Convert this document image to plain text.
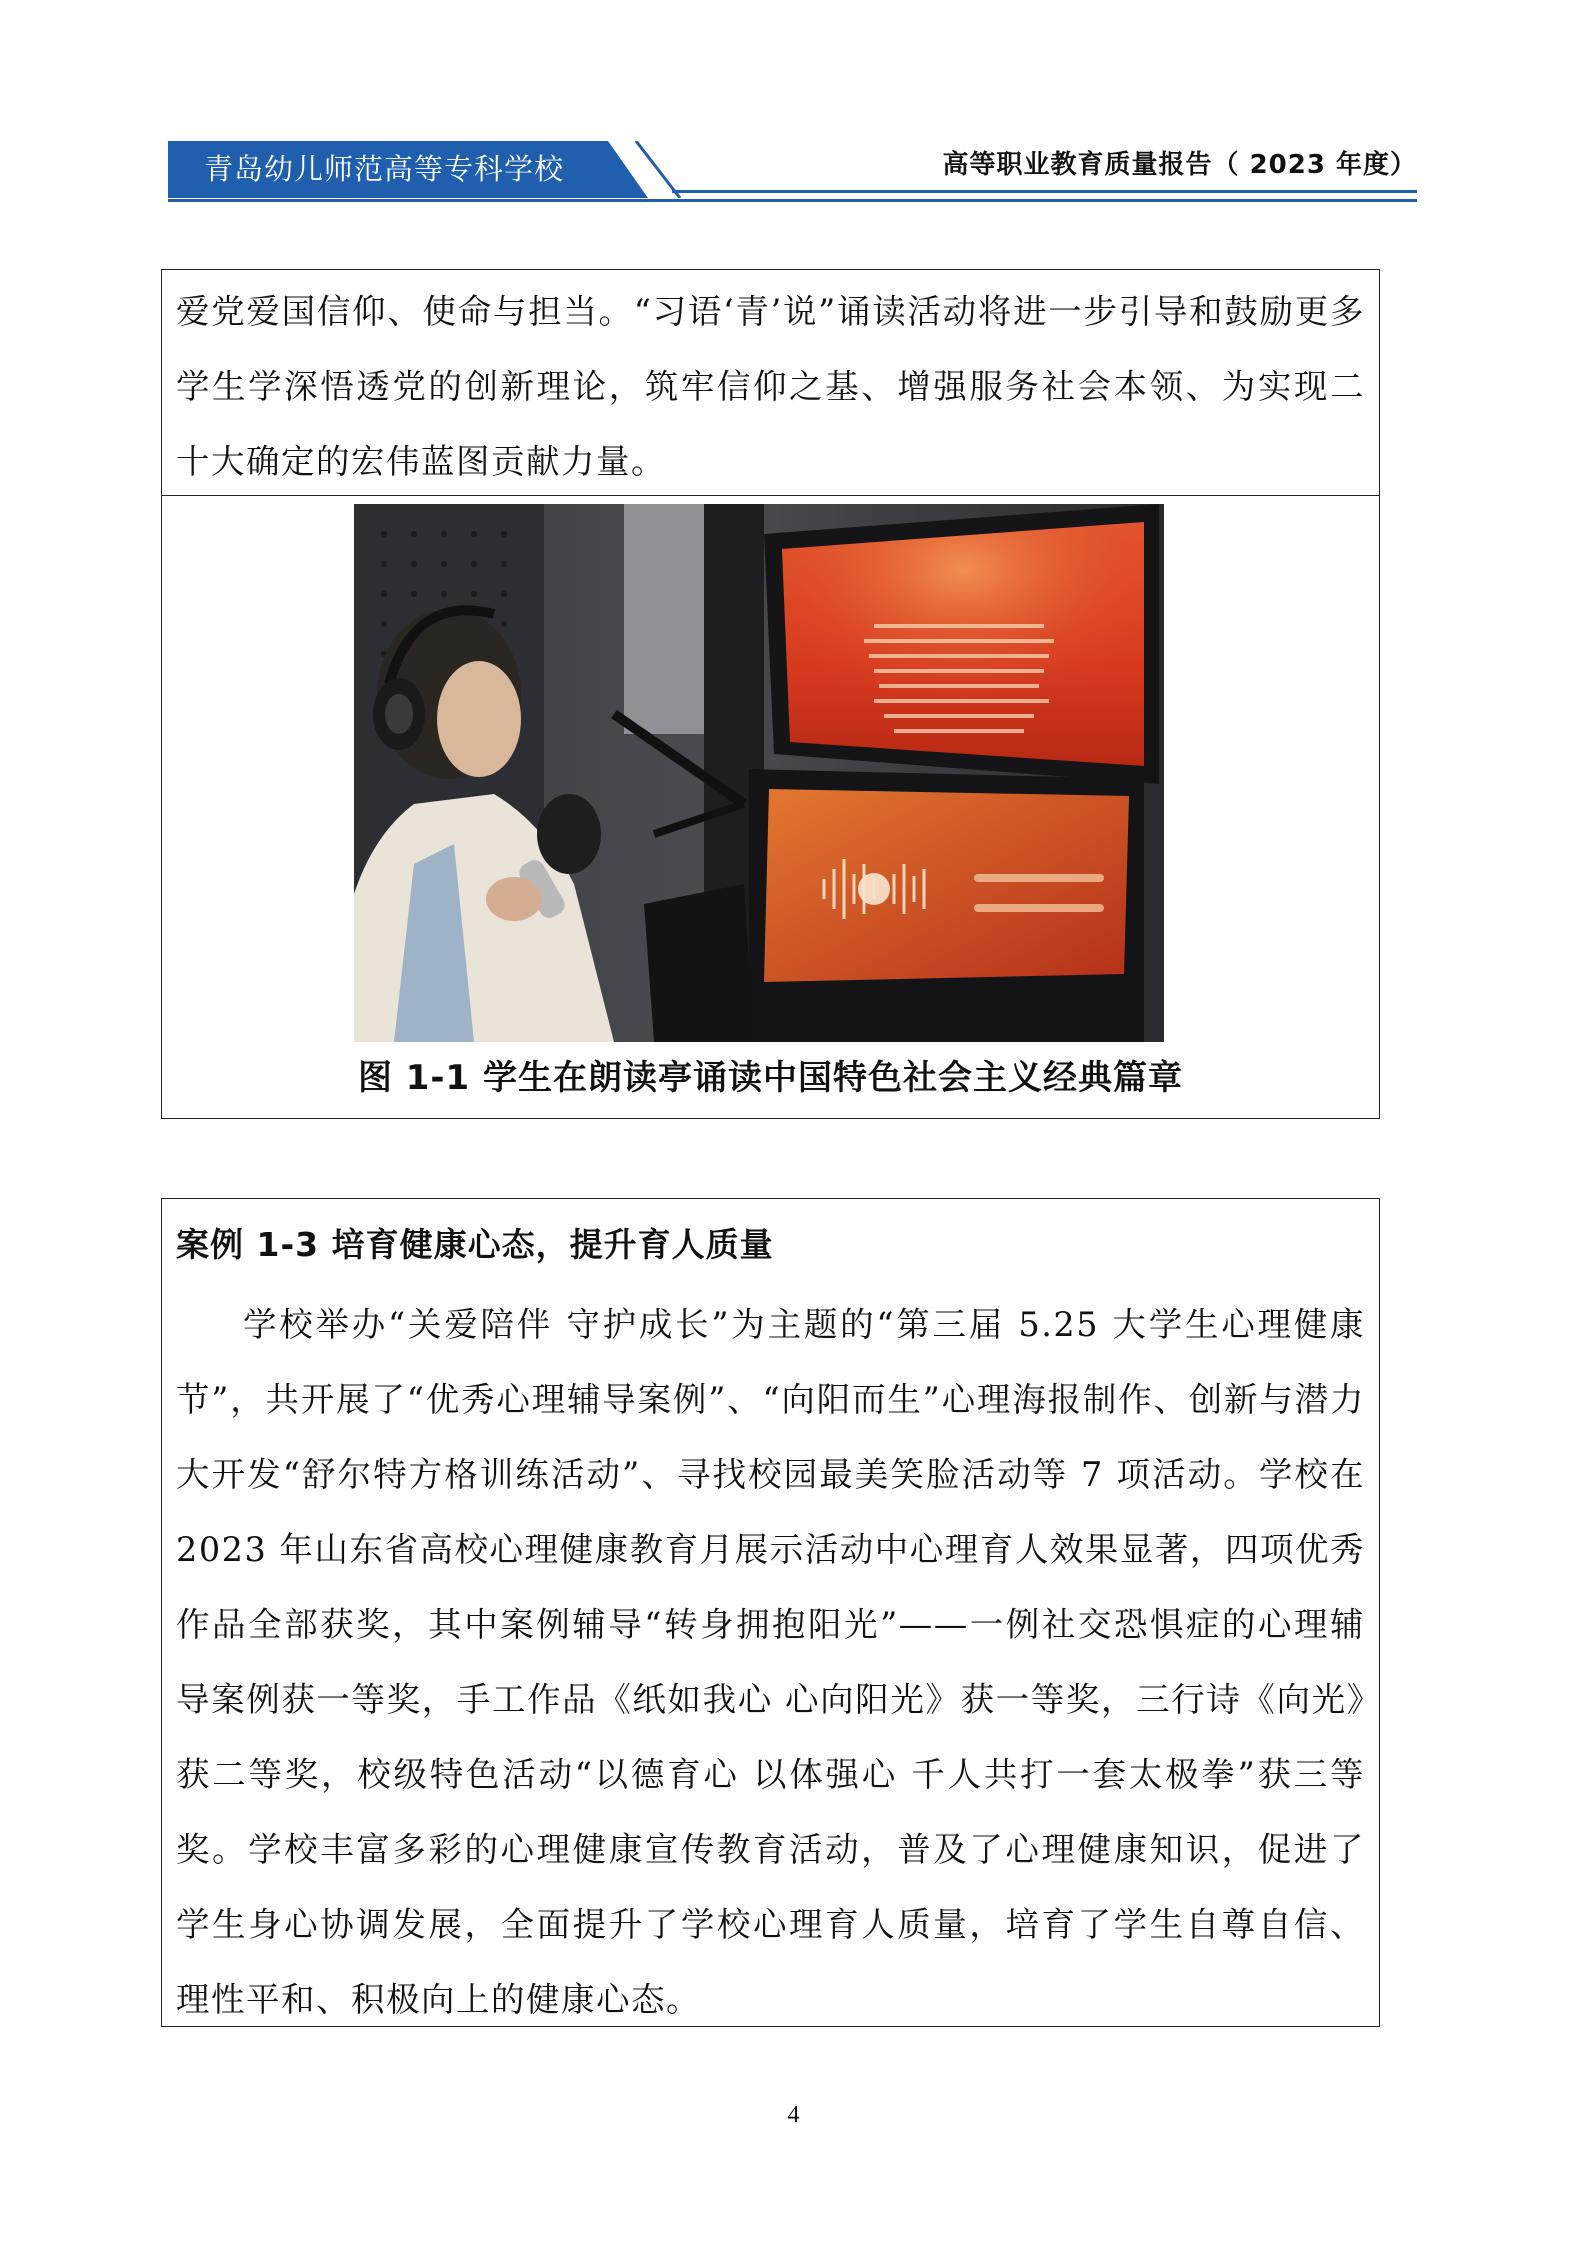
青岛幼儿师范高等专科学校	高等职业教育质量报告（ 2023 年度）
爱党爱国信仰、使命与担当。“习语‘青’说”诵读活动将进一步引导和鼓励更多学生学深悟透党的创新理论，筑牢信仰之基、增强服务社会本领、为实现二十大确定的宏伟蓝图贡献力量。
图 1-1 学生在朗读亭诵读中国特色社会主义经典篇章
案例 1-3 培育健康心态，提升育人质量
学校举办“关爱陪伴 守护成长”为主题的“第三届 5.25 大学生心理健康节”，共开展了“优秀心理辅导案例”、“向阳而生”心理海报制作、创新与潜力大开发“舒尔特方格训练活动”、寻找校园最美笑脸活动等 7 项活动。学校在 2023 年山东省高校心理健康教育月展示活动中心理育人效果显著，四项优秀作品全部获奖，其中案例辅导“转身拥抱阳光”——一例社交恐惧症的心理辅导案例获一等奖，手工作品《纸如我心 心向阳光》获一等奖，三行诗《向光》获二等奖，校级特色活动“以德育心 以体强心 千人共打一套太极拳”获三等奖。学校丰富多彩的心理健康宣传教育活动，普及了心理健康知识，促进了学生身心协调发展，全面提升了学校心理育人质量，培育了学生自尊自信、理性平和、积极向上的健康心态。
4
